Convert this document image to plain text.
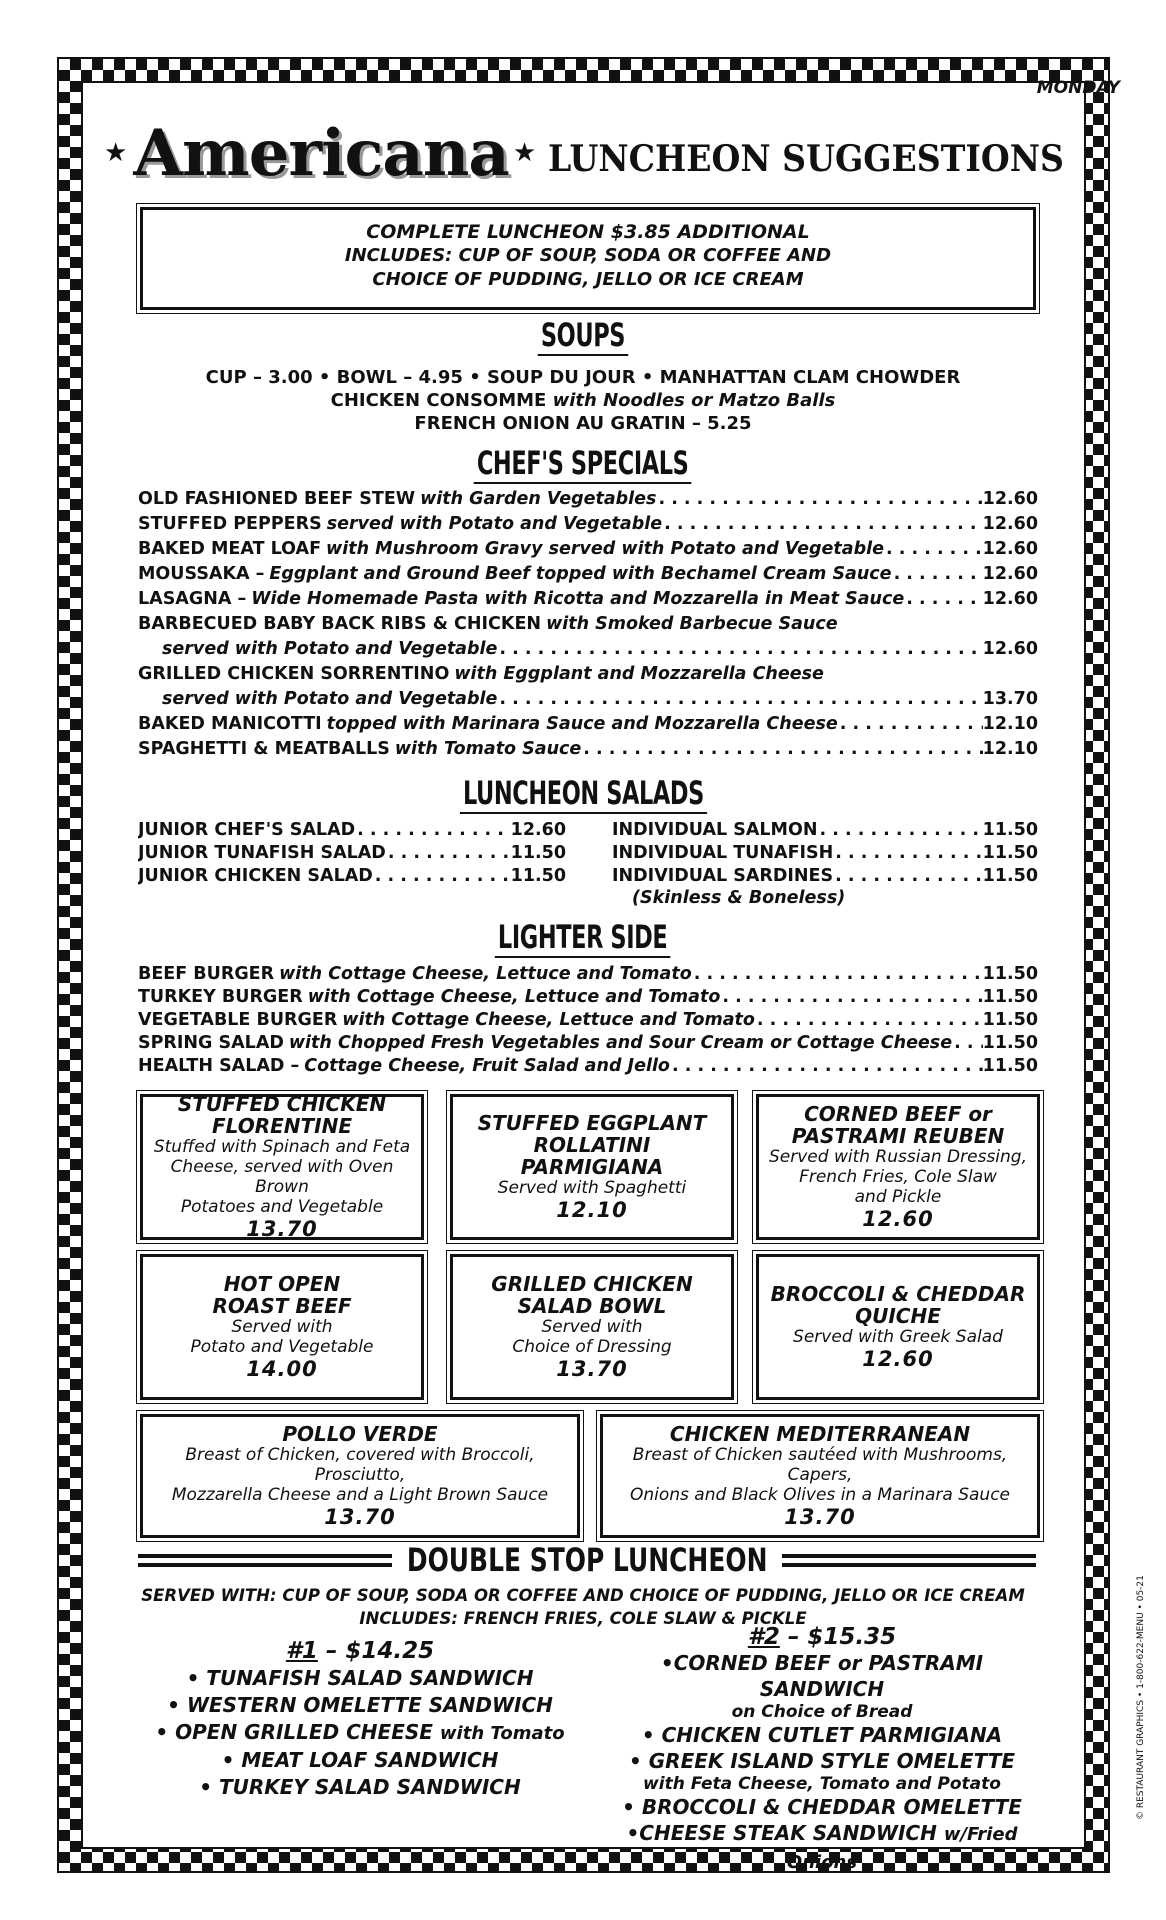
MONDAY
★ Americana ★ LUNCHEON SUGGESTIONS
COMPLETE LUNCHEON $3.85 ADDITIONAL
INCLUDES: CUP OF SOUP, SODA OR COFFEE AND
CHOICE OF PUDDING, JELLO OR ICE CREAM
SOUPS
CUP – 3.00 • BOWL – 4.95 • SOUP DU JOUR • MANHATTAN CLAM CHOWDER
CHICKEN CONSOMME with Noodles or Matzo Balls
FRENCH ONION AU GRATIN – 5.25
CHEF'S SPECIALS
OLD FASHIONED BEEF STEW with Garden Vegetables . . .	12.60
STUFFED PEPPERS served with Potato and Vegetable . . .	12.60
BAKED MEAT LOAF with Mushroom Gravy served with Potato and Vegetable . . .	12.60
MOUSSAKA – Eggplant and Ground Beef topped with Bechamel Cream Sauce . . .	12.60
LASAGNA – Wide Homemade Pasta with Ricotta and Mozzarella in Meat Sauce . . .	12.60
BARBECUED BABY BACK RIBS & CHICKEN with Smoked Barbecue Sauce
served with Potato and Vegetable . . .	12.60
GRILLED CHICKEN SORRENTINO with Eggplant and Mozzarella Cheese
served with Potato and Vegetable . . .	13.70
BAKED MANICOTTI topped with Marinara Sauce and Mozzarella Cheese . . .	12.10
SPAGHETTI & MEATBALLS with Tomato Sauce . . .	12.10
LUNCHEON SALADS
JUNIOR CHEF'S SALAD . . .	12.60
JUNIOR TUNAFISH SALAD . . .	11.50
JUNIOR CHICKEN SALAD . . .	11.50
INDIVIDUAL SALMON . . .	11.50
INDIVIDUAL TUNAFISH . . .	11.50
INDIVIDUAL SARDINES . . .	11.50
(Skinless & Boneless)
LIGHTER SIDE
BEEF BURGER with Cottage Cheese, Lettuce and Tomato . . .	11.50
TURKEY BURGER with Cottage Cheese, Lettuce and Tomato . . .	11.50
VEGETABLE BURGER with Cottage Cheese, Lettuce and Tomato . . .	11.50
SPRING SALAD with Chopped Fresh Vegetables and Sour Cream or Cottage Cheese . . . 11.50
HEALTH SALAD – Cottage Cheese, Fruit Salad and Jello . . .	11.50
STUFFED CHICKEN
FLORENTINE
Stuffed with Spinach and Feta
Cheese, served with Oven Brown
Potatoes and Vegetable
13.70
STUFFED EGGPLANT
ROLLATINI
PARMIGIANA
Served with Spaghetti
12.10
CORNED BEEF or
PASTRAMI REUBEN
Served with Russian Dressing,
French Fries, Cole Slaw
and Pickle
12.60
HOT OPEN
ROAST BEEF
Served with
Potato and Vegetable
14.00
GRILLED CHICKEN
SALAD BOWL
Served with
Choice of Dressing
13.70
BROCCOLI & CHEDDAR
QUICHE
Served with Greek Salad
12.60
POLLO VERDE
Breast of Chicken, covered with Broccoli, Prosciutto,
Mozzarella Cheese and a Light Brown Sauce
13.70
CHICKEN MEDITERRANEAN
Breast of Chicken sautéed with Mushrooms, Capers,
Onions and Black Olives in a Marinara Sauce
13.70
DOUBLE STOP LUNCHEON
SERVED WITH: CUP OF SOUP, SODA OR COFFEE AND CHOICE OF PUDDING, JELLO OR ICE CREAM
INCLUDES: FRENCH FRIES, COLE SLAW & PICKLE
#1 – $14.25
• TUNAFISH SALAD SANDWICH
• WESTERN OMELETTE SANDWICH
• OPEN GRILLED CHEESE with Tomato
• MEAT LOAF SANDWICH
• TURKEY SALAD SANDWICH
#2 – $15.35
•CORNED BEEF or PASTRAMI SANDWICH
on Choice of Bread
• CHICKEN CUTLET PARMIGIANA
• GREEK ISLAND STYLE OMELETTE
with Feta Cheese, Tomato and Potato
• BROCCOLI & CHEDDAR OMELETTE
•CHEESE STEAK SANDWICH w/Fried Onions
© RESTAURANT GRAPHICS • 1-800-622-MENU • 05-21
